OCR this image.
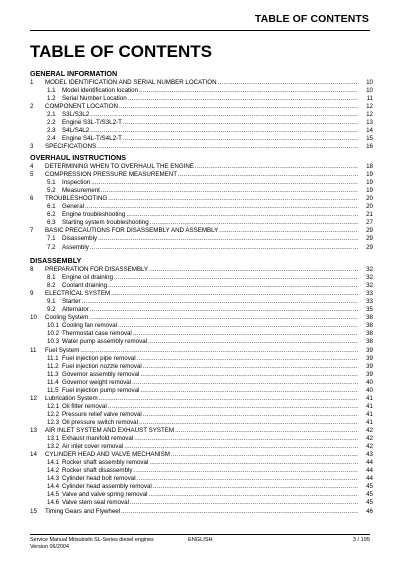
TABLE OF CONTENTS
TABLE OF CONTENTS
GENERAL INFORMATION
1	MODEL IDENTIFICATION AND SERIAL NUMBER LOCATION .....	10
1.1	Model identification location .....	10
1.2	Serial Number Location .....	11
2	COMPONENT LOCATION .....	12
2.1	S3L/S3L2 .....	12
2.2	Engine S3L-T/S3L2-T .....	13
2.3	S4L/S4L2 .....	14
2.4	Engine S4L-T/S4L2-T .....	15
3	SPECIFICATIONS .....	16
OVERHAUL INSTRUCTIONS
4	DETERMINING WHEN TO OVERHAUL THE ENGINE .....	18
5	COMPRESSION PRESSURE MEASUREMENT .....	19
5.1	Inspection .....	19
5.2	Measurement .....	19
6	TROUBLESHOOTING .....	20
6.1	General .....	20
6.2	Engine troubleshooting .....	21
6.3	Starting system troubleshooting .....	27
7	BASIC PRECAUTIONS FOR DISASSEMBLY AND ASSEMBLY .....	29
7.1	Disassembly .....	29
7.2	Assembly .....	29
DISASSEMBLY
8	PREPARATION FOR DISASSEMBLY .....	32
8.1	Engine oil draining .....	32
8.2	Coolant draining .....	32
9	ELECTRICAL SYSTEM .....	33
9.1	Starter .....	33
9.2	Alternator .....	35
10	Cooling System .....	38
10.1 Cooling fan removal .....	38
10.2 Thermostat case removal .....	38
10.3 Water pump assembly removal .....	38
11	Fuel System .....	39
11.1 Fuel injection pipe removal .....	39
11.2 Fuel injection nozzle removal .....	39
11.3 Governor assembly removal .....	39
11.4 Governor weight removal .....	40
11.5 Fuel injection pump removal .....	40
12	Lubrication System .....	41
12.1 Oil filter removal .....	41
12.2 Pressure relief valve removal .....	41
12.3 Oil pressure switch removal .....	41
13	AIR INLET SYSTEM AND EXHAUST SYSTEM .....	42
13.1 Exhaust manifold removal .....	42
13.2 Air inlet cover removal .....	42
14	CYLINDER HEAD AND VALVE MECHANISM .....	43
14.1 Rocker shaft assembly removal .....	44
14.2 Rocker shaft disassembly .....	44
14.3 Cylinder head bolt removal .....	44
14.4 Cylinder head assembly removal .....	45
14.5 Valve and valve spring removal .....	45
14.6 Valve stem seal removal .....	45
15	Timing Gears and Flywheel .....	46
Service Manual Mitsubishi SL-Series diesel engines
Version 06/2004
ENGLISH	3 / 195
